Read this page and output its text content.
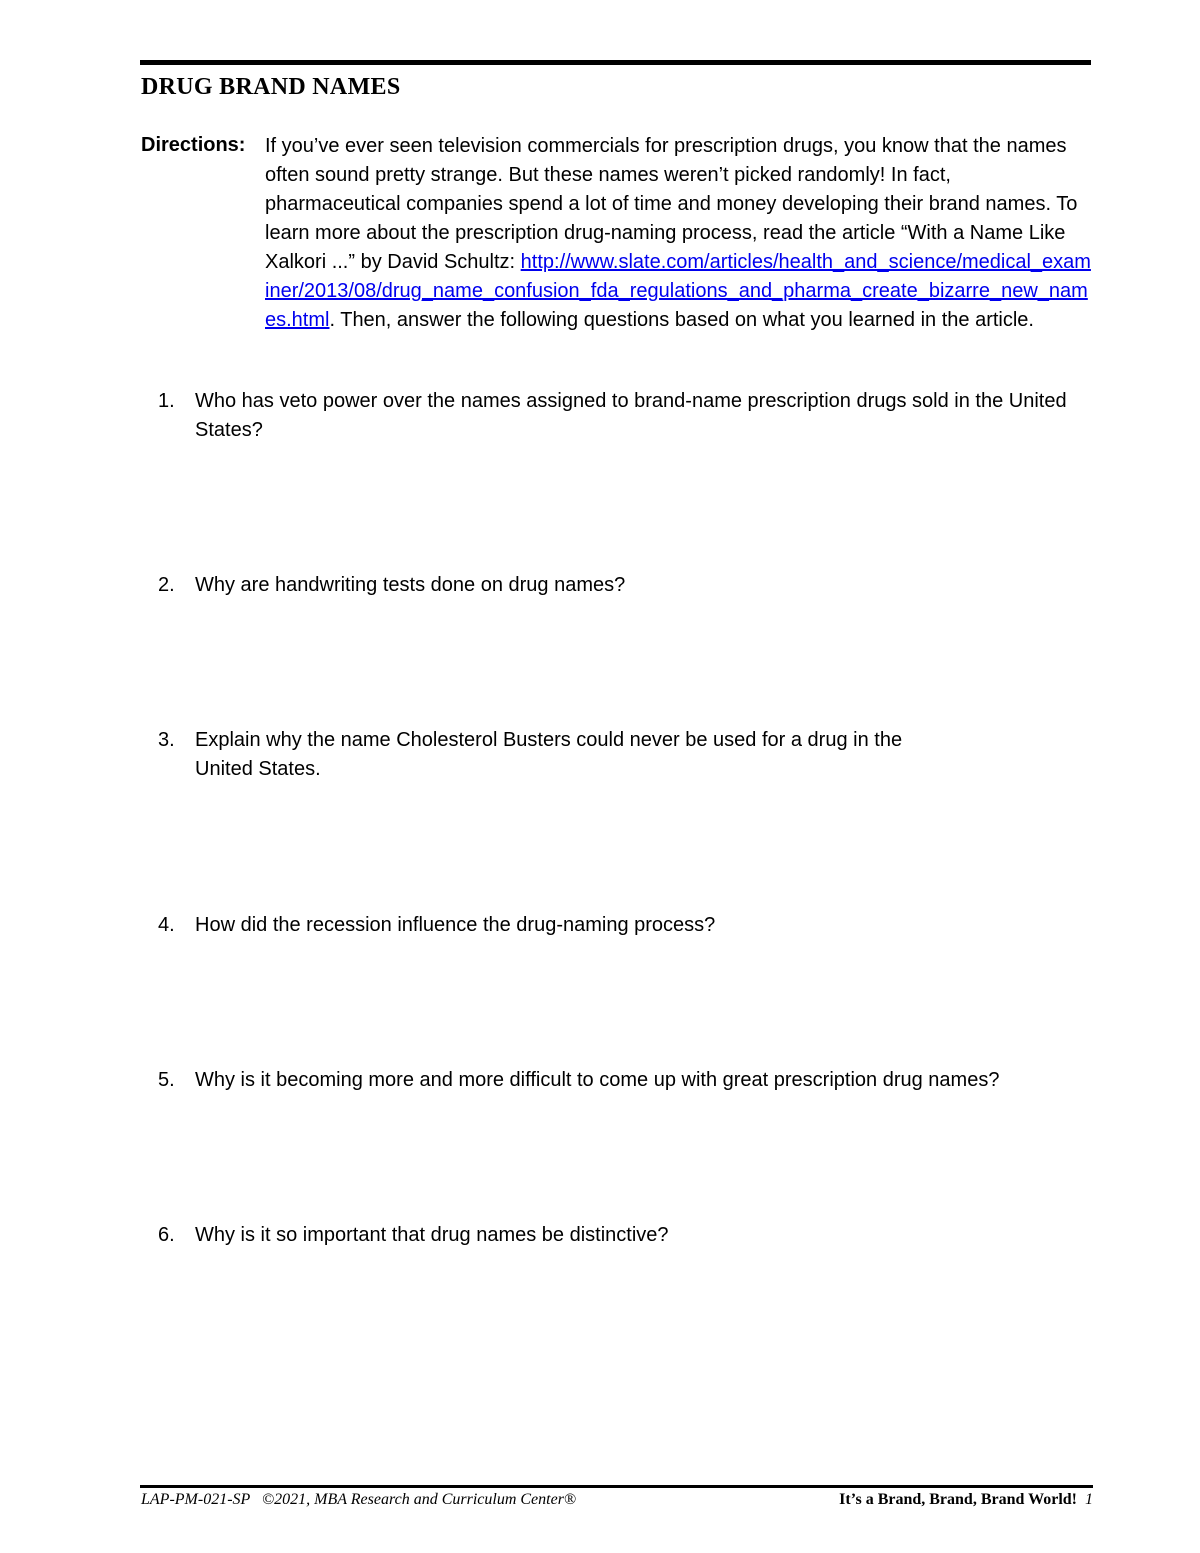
DRUG BRAND NAMES
Directions: If you’ve ever seen television commercials for prescription drugs, you know that the names often sound pretty strange. But these names weren’t picked randomly! In fact, pharmaceutical companies spend a lot of time and money developing their brand names. To learn more about the prescription drug-naming process, read the article “With a Name Like Xalkori ...” by David Schultz: http://www.slate.com/articles/health_and_science/medical_examiner/2013/08/drug_name_confusion_fda_regulations_and_pharma_create_bizarre_new_names.html. Then, answer the following questions based on what you learned in the article.
1.	Who has veto power over the names assigned to brand-name prescription drugs sold in the United States?
2.	Why are handwriting tests done on drug names?
3.	Explain why the name Cholesterol Busters could never be used for a drug in the United States.
4.	How did the recession influence the drug-naming process?
5.	Why is it becoming more and more difficult to come up with great prescription drug names?
6.	Why is it so important that drug names be distinctive?
LAP-PM-021-SP   ©2021, MBA Research and Curriculum Center®	It’s a Brand, Brand, Brand World! 1
